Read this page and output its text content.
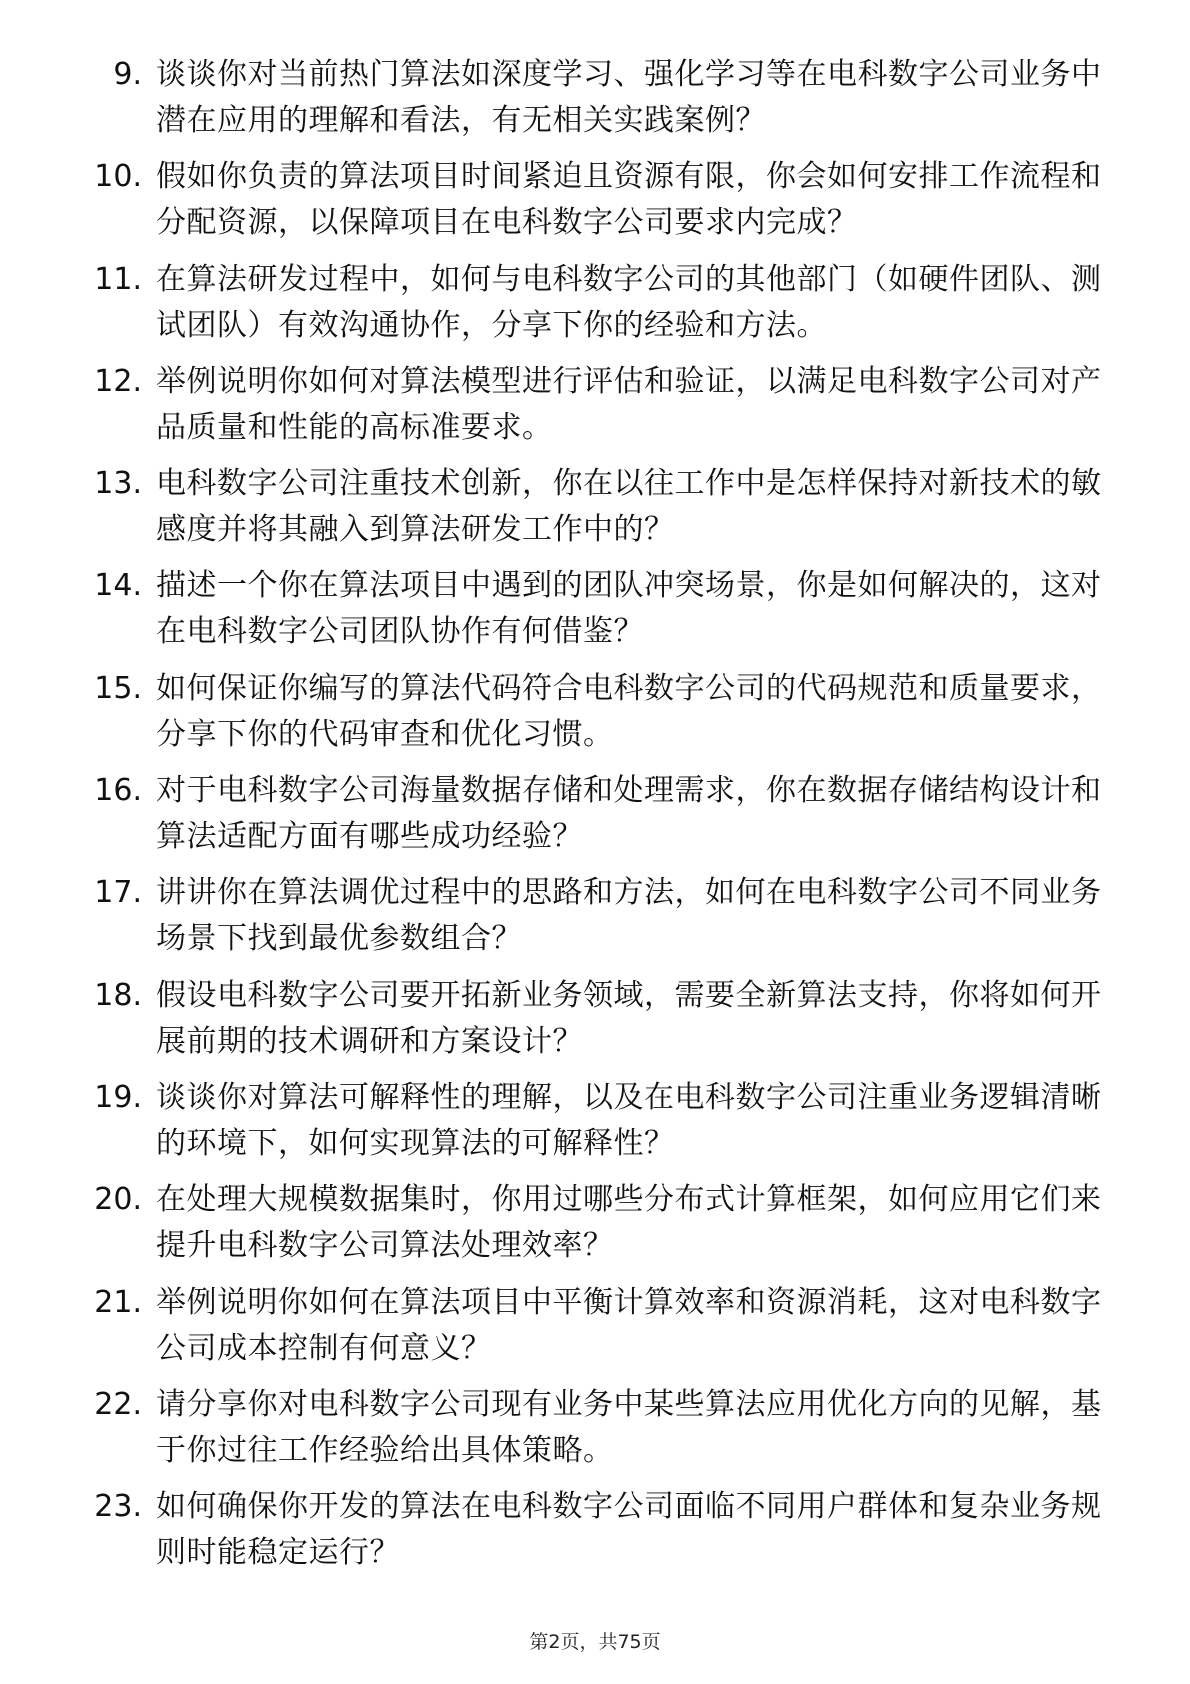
9. 谈谈你对当前热门算法如深度学习、强化学习等在电科数字公司业务中潜在应用的理解和看法，有无相关实践案例？
10. 假如你负责的算法项目时间紧迫且资源有限，你会如何安排工作流程和分配资源，以保障项目在电科数字公司要求内完成？
11. 在算法研发过程中，如何与电科数字公司的其他部门（如硬件团队、测试团队）有效沟通协作，分享下你的经验和方法。
12. 举例说明你如何对算法模型进行评估和验证，以满足电科数字公司对产品质量和性能的高标准要求。
13. 电科数字公司注重技术创新，你在以往工作中是怎样保持对新技术的敏感度并将其融入到算法研发工作中的？
14. 描述一个你在算法项目中遇到的团队冲突场景，你是如何解决的，这对在电科数字公司团队协作有何借鉴？
15. 如何保证你编写的算法代码符合电科数字公司的代码规范和质量要求，分享下你的代码审查和优化习惯。
16. 对于电科数字公司海量数据存储和处理需求，你在数据存储结构设计和算法适配方面有哪些成功经验？
17. 讲讲你在算法调优过程中的思路和方法，如何在电科数字公司不同业务场景下找到最优参数组合？
18. 假设电科数字公司要开拓新业务领域，需要全新算法支持，你将如何开展前期的技术调研和方案设计？
19. 谈谈你对算法可解释性的理解，以及在电科数字公司注重业务逻辑清晰的环境下，如何实现算法的可解释性？
20. 在处理大规模数据集时，你用过哪些分布式计算框架，如何应用它们来提升电科数字公司算法处理效率？
21. 举例说明你如何在算法项目中平衡计算效率和资源消耗，这对电科数字公司成本控制有何意义？
22. 请分享你对电科数字公司现有业务中某些算法应用优化方向的见解，基于你过往工作经验给出具体策略。
23. 如何确保你开发的算法在电科数字公司面临不同用户群体和复杂业务规则时能稳定运行？
第2页，共75页
